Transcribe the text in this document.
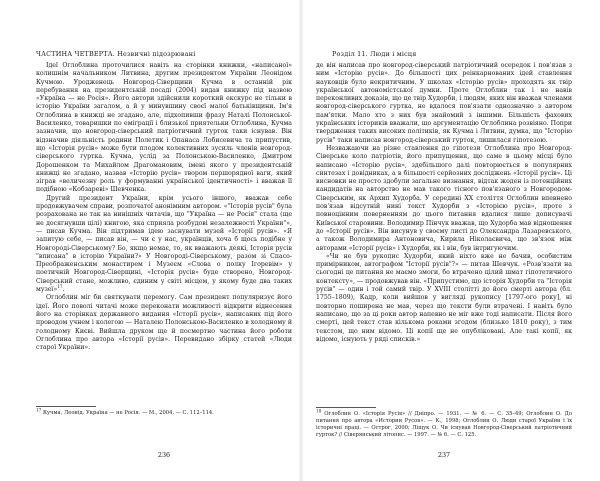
ЧАСТИНА ЧЕТВЕРТА. Незвичні підозрювані

Ідеї Оглоблина проточилися навіть на сторінки книжки, «написаної» колишнім начальником Литвина, другим президентом України Леонідом Кучмою. Уродженець Новгород-Сіверщини Кучма в останній рік перебування на президентській посаді (2004) видав книжку під назвою «Україна — не Росія». Його автори здійснили короткий екскурс не тільки в історію України загалом, а й у минувшину своєї малої батьківщини. Ім'я Оглоблина в книжці не згадано, але, підхопивши фразу Наталі Полонської-Василенко, товаришки по еміграції і близької приятельки Оглоблина, Кучма зазначив, що новгород-сіверський патріотичний гурток таки існував. Він відзначив діяльність родини Полетик і Опанаса Лобисевича та припустив, що «Історія русів» може бути плодом колективних зусиль членів новгород-сіверського гуртка. Кучма, услід за Полонською-Василенко, Дмитром Дорошенком та Михайлом Драгомановим, імені якого у президентській книжці не згадано, назвав «Історію русів» твором першорядної ваги, який зіграв «величезну роль у формуванні української ідентичності» і вважав її подібною «Кобзареві» Шевченка.

Другий президент України, крім усього іншого, вважав себе продовжувачем справи, розпочатої анонімним автором. «"Історія русів" була розрахована не так на нинішніх читачів, що "Україна — не Росія" стала (ще не досягнувши цілі) книгою, яка сприяла розбудові незалежності України"», — писав Кучма. Він підтримав ідею заснувати музей «Історії русів». «Я запитую себе, — писав він, — чи є у нас, українців, хоча б щось подібне у Новгороді-Сіверському? Бо, якщо немає, то, як вважають деякі, Історія русів "вписана" в історію України?» У Новгороді-Сіверському, разом зі Спасо-Преображенським монастирем і Музеєм «Слова о полку Ігоревім» у поетичній Новгород-Сіверщині, «Історія русів» буде створено, Новгород-Сіверський стане, можливо, єдиним у світі місцем, у якому буде два таких музеї»$^{17}$.

Оглоблин міг би святкувати перемогу. Сам президент популяризує його ідеї. Його поволі читачі може переконати можливості відкрити віднесення його на сторінках державного видання «Історії русів», написаних під його проводом учнем і колегою — Наталею Полонською-Василенко в холодному й голодному Києві. Вийшла друком ще й посмертно частина його роботи Оглоблина про автора «Історії русів». Перевидано збірку статей «Люди старої України».

$^{17}$ Кучма, Леонід. Україна — не Росія. — М., 2004. — С. 112–114.
236
Розділ 11. Люди і місця

де він написав про новгород-сіверський патріотичний осередок і пов'язав з ним «Історію русів». До більшості цих реінкарнованих ідей ставлення науковців було некритичним. У школах «Історію русів» проходять як твір української автономістської думки. Проте Оглоблин так і не навів переконливих доказів, що це твір Худорби, і людям, яких він вважав членами новгород-сіверського гуртка, не вдалося пов'язати однозначно з автором пам'ятки. Мало хто з них був знайомий з іншими. Більшість фахових українських істориків вважали, що аргументацію Оглоблина розвіяно. Попри твердження таких високих політиків, як Кучма і Литвин, думка, що "Історію русів" таки написав новгород-сіверський гурток, лишилася гіпотезою.

Незважаючи на різне ставлення до гіпотези Оглоблина про Новгород-Сіверське коло патріотів, його припущення, що саме в цьому місці було написано «Історію русів», здебільшого далі повторюється в популярних синтезах і довідниках, а в більшості серйозних досліджень «Історії русів». Ці висновки не просто здобули загальне визнання, відтак жоден із потенційних кандидатів на авторство не мав такого тісного пов'язаного з Новгородом-Сіверським, як Архип Худорба. У середині XX століття Оглоблин впевнено пов'язав відсутній нині текст Худорби з «Історією русів», проте з повноцінним поверненням до цього питання вдалися лише дописувачі Київської старовини. Володимир Пінчук вважав, що Худорба мав відношення до «Історії русів». Він висунув у своєму листі до Олександра Лазаревського, а також Володимира Антоновича, Кирила Ніколаєвича, що зв'язок між авторами «Історії русів» і Худорби, як і він, був інтригуючим.

«Чи не був рукопис Худорби, який ніхто вже не бачив, особистим примірником, автографом "Історії русів"?» — питав Шевчук. «Розв'язати на сьогодні це питання не маємо змоги, бо втрачено цілий шмат гіпотетичного контексту», — продовжував він. «Припустимо, що історія Худорби та "Історія русів" — один і той самий твір. У XVIII столітті до його смерті автора (бл. 1755–1809), Кадр, коли вийшов у вигляді рукопису [1797-ого року], ні повторно поширена не мав, через що тексти були втрачені. І навіть було написано, що за ці роки автор напевно не міг вже тоді написати. Після його смерті, цей текст став кількома роками згодом (близько 1810 року), з тим текстом, що ним відомо. Ці копії ще не опубліковані. Але такі копії, як відомо, існують у ряді списків.»

$^{18}$ Оглоблин О. «Історія Русів» // Дніпро. — 1931. — № 6. — С. 35–49; Оглоблин О. До питання про автора «Истории Русов». — К., 1998; Оглоблин О. Люди старої України і їх історичні праці. — Острог, 2000; Ліщук О. Чи існував Новгород-Сіверський патріотичний гурток? // Сіверянський літопис. — 1997. — № 6. — С. 125.
237
